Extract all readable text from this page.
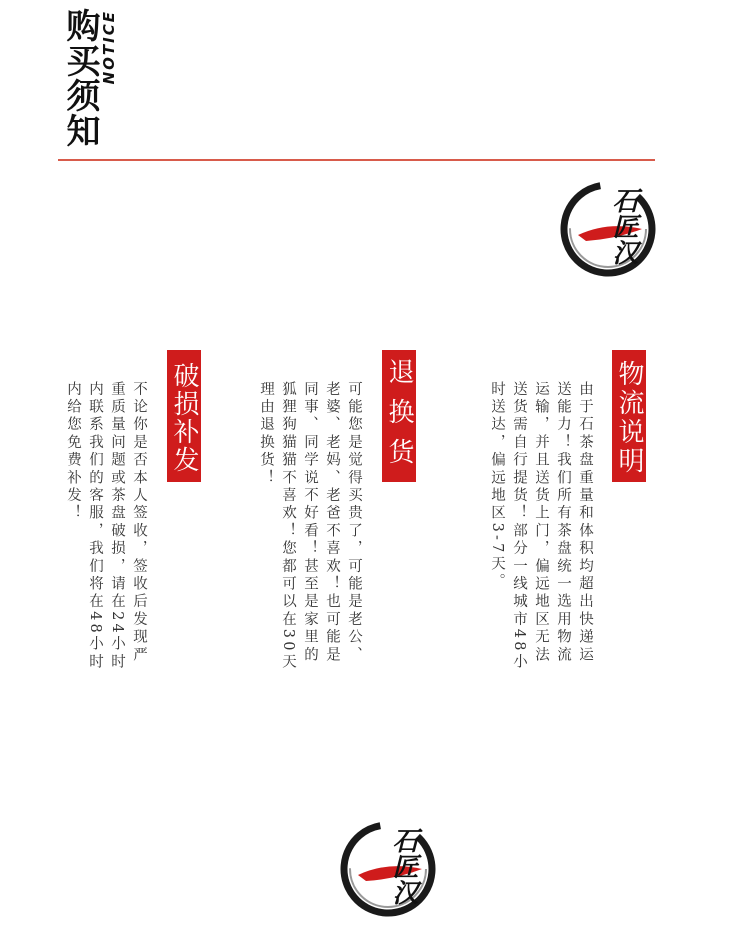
购买须知 NOTICE
石匠汉
物流说明
由于石茶盘重量和体积均超出快递运送能力！我们所有茶盘统一选用物流运输，并且送货上门，偏远地区无法送货需自行提货！部分一线城市48小时送达，偏远地区3-7天。
退换货
可能您是觉得买贵了，可能是老公、老婆、老妈、老爸不喜欢！也可能是同事、同学说不好看！甚至是家里的狐狸狗猫猫不喜欢！您都可以在30天理由退换货！
破损补发
不论你是否本人签收，签收后发现严重质量问题或茶盘破损，请在24小时内联系我们的客服，我们将在48小时内给您免费补发！
石匠汉
